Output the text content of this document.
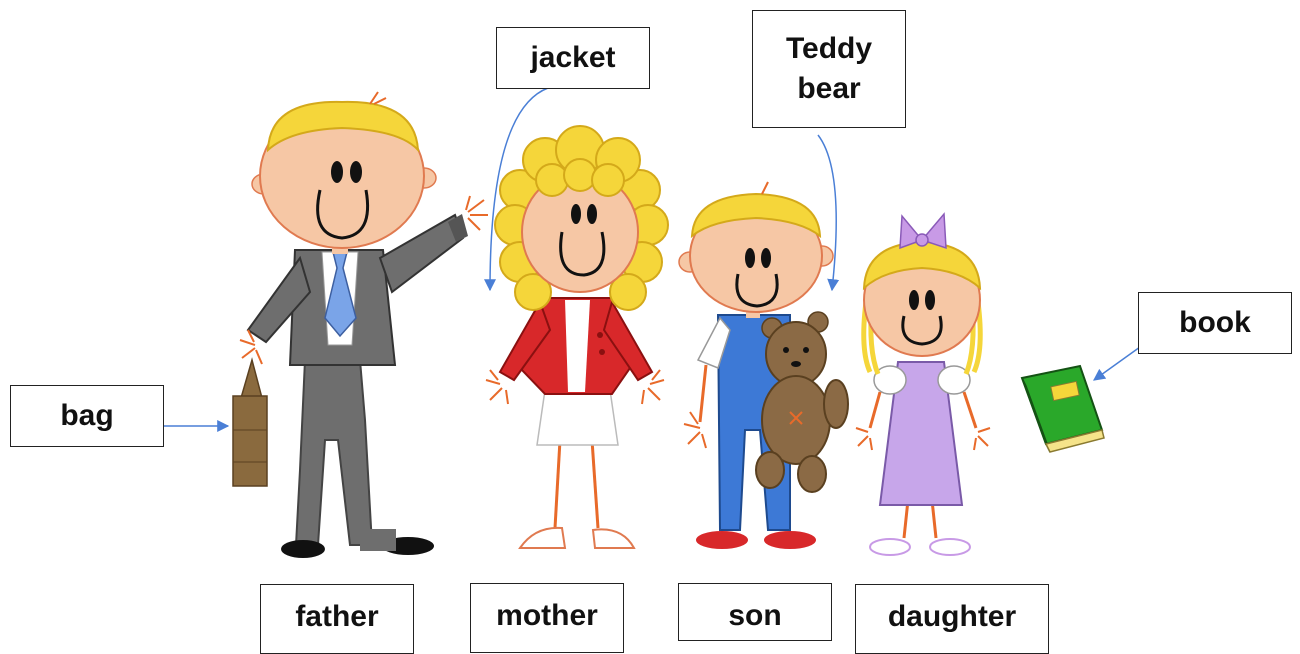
jacket	Teddy
bear
book
bag
father	mother	son	daughter
